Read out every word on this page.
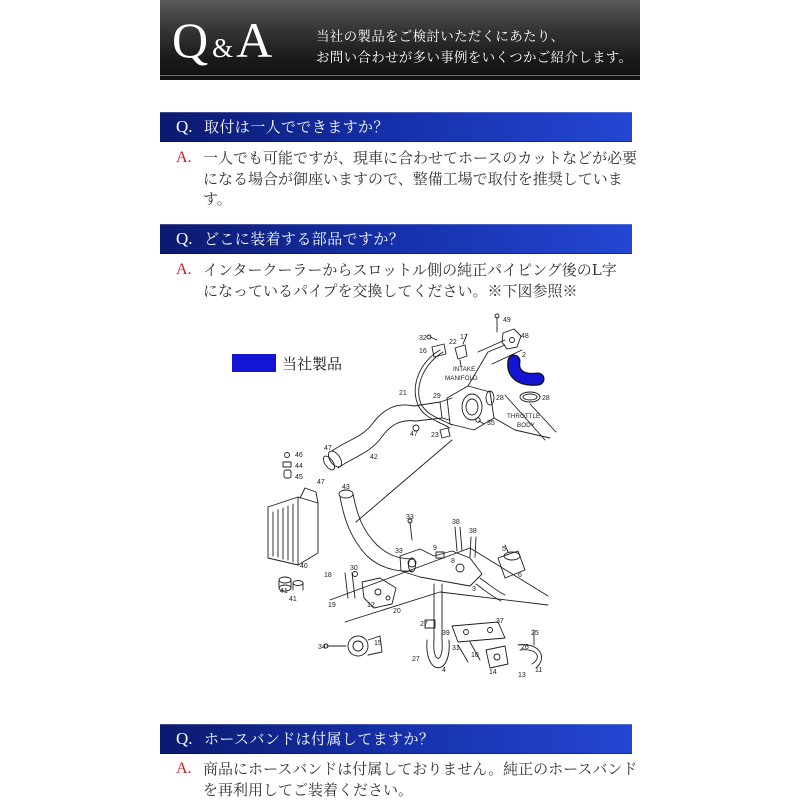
Q &A	当社の製品をご検討いただくにあたり、
お問い合わせが多い事例をいくつかご紹介します。
Q. 取付は一人でできますか？
A. 一人でも可能ですが、現車に合わせてホースのカットなどが必要
になる場合が御座いますので、整備工場で取付を推奨していま
す。
Q. どこに装着する部品ですか？
A. インタークーラーからスロットル側の純正パイピング後のL字
になっているパイプを交換してください。※下図参照※
当社製品	INTAKE
MANIFOLD
THROTTLE
BODY
49
32
22
17	48
16
2
21	29	28	28
47 23
35
42
47
46
44
45
47
43
40
41
41
33
38
38
33	9
8
5
6
30
18
19	12
20
3
37
27
39
31
10
25
26
11
14	13
34
15
27
4
Q. ホースバンドは付属してますか？
A. 商品にホースバンドは付属しておりません。純正のホースバンド
を再利用してご装着ください。
